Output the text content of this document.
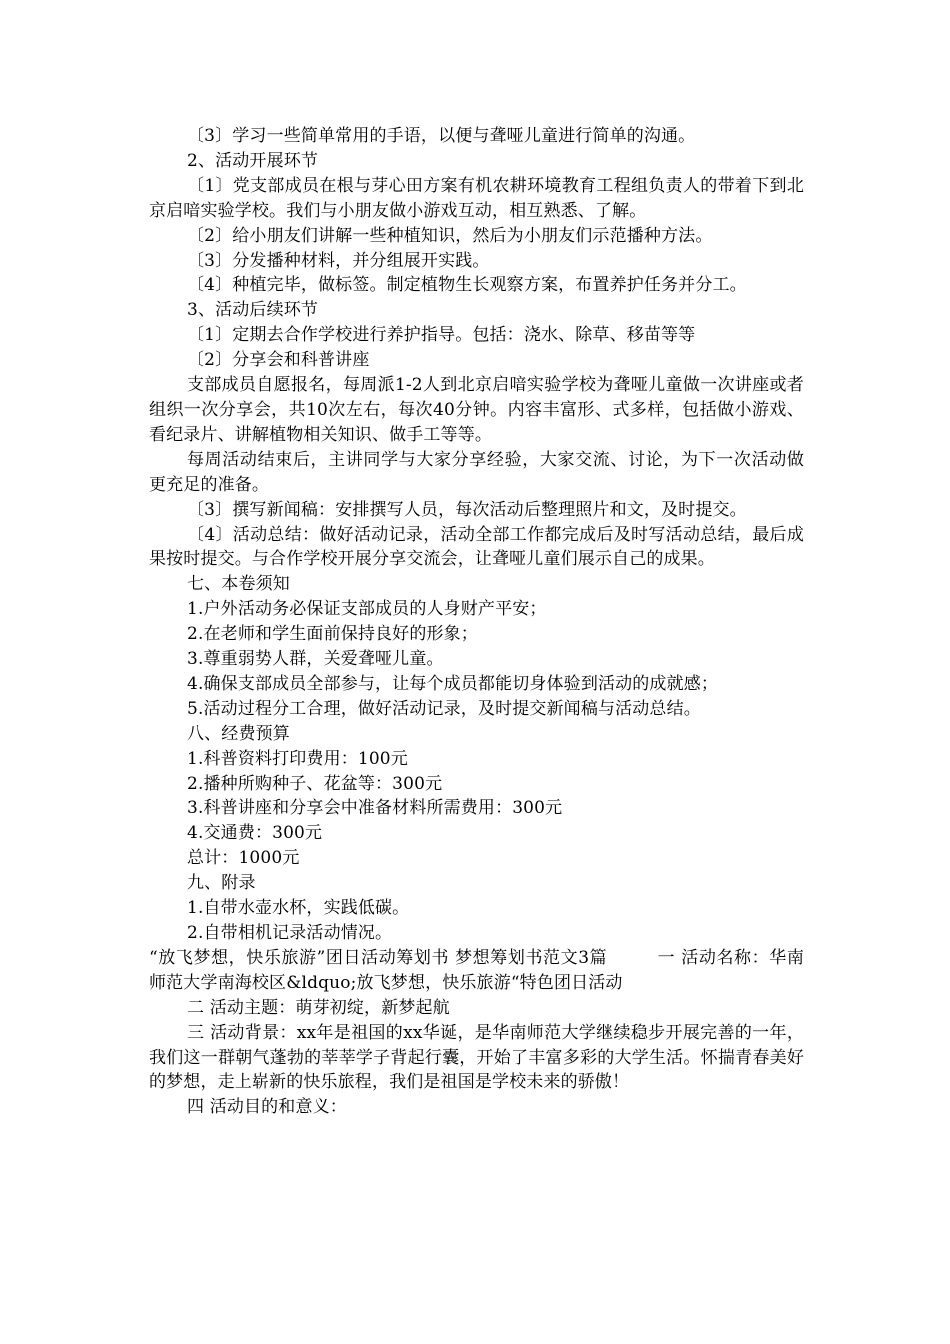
〔3〕学习一些简单常用的手语，以便与聋哑儿童进行简单的沟通。

2、活动开展环节

〔1〕党支部成员在根与芽心田方案有机农耕环境教育工程组负责人的带着下到北京启喑实验学校。我们与小朋友做小游戏互动，相互熟悉、了解。

〔2〕给小朋友们讲解一些种植知识，然后为小朋友们示范播种方法。

〔3〕分发播种材料，并分组展开实践。

〔4〕种植完毕，做标签。制定植物生长观察方案，布置养护任务并分工。

3、活动后续环节

〔1〕定期去合作学校进行养护指导。包括：浇水、除草、移苗等等

〔2〕分享会和科普讲座

支部成员自愿报名，每周派1-2人到北京启喑实验学校为聋哑儿童做一次讲座或者组织一次分享会，共10次左右，每次40分钟。内容丰富形、式多样，包括做小游戏、看纪录片、讲解植物相关知识、做手工等等。

每周活动结束后，主讲同学与大家分享经验，大家交流、讨论，为下一次活动做更充足的准备。

〔3〕撰写新闻稿：安排撰写人员，每次活动后整理照片和文，及时提交。

〔4〕活动总结：做好活动记录，活动全部工作都完成后及时写活动总结，最后成果按时提交。与合作学校开展分享交流会，让聋哑儿童们展示自己的成果。

七、本卷须知

1.户外活动务必保证支部成员的人身财产平安；

2.在老师和学生面前保持良好的形象；

3.尊重弱势人群，关爱聋哑儿童。

4.确保支部成员全部参与，让每个成员都能切身体验到活动的成就感；

5.活动过程分工合理，做好活动记录，及时提交新闻稿与活动总结。

八、经费预算

1.科普资料打印费用：100元

2.播种所购种子、花盆等：300元

3.科普讲座和分享会中准备材料所需费用：300元

4.交通费：300元

总计：1000元

九、附录

1.自带水壶水杯，实践低碳。

2.自带相机记录活动情况。

“放飞梦想，快乐旅游”团日活动筹划书 梦想筹划书范文3篇	一 活动名称：华南师范大学南海校区&ldquo;放飞梦想，快乐旅游“特色团日活动

二 活动主题：萌芽初绽，新梦起航

三 活动背景：xx年是祖国的xx华诞，是华南师范大学继续稳步开展完善的一年，我们这一群朝气蓬勃的莘莘学子背起行囊，开始了丰富多彩的大学生活。怀揣青春美好的梦想，走上崭新的快乐旅程，我们是祖国是学校未来的骄傲！

四 活动目的和意义：
